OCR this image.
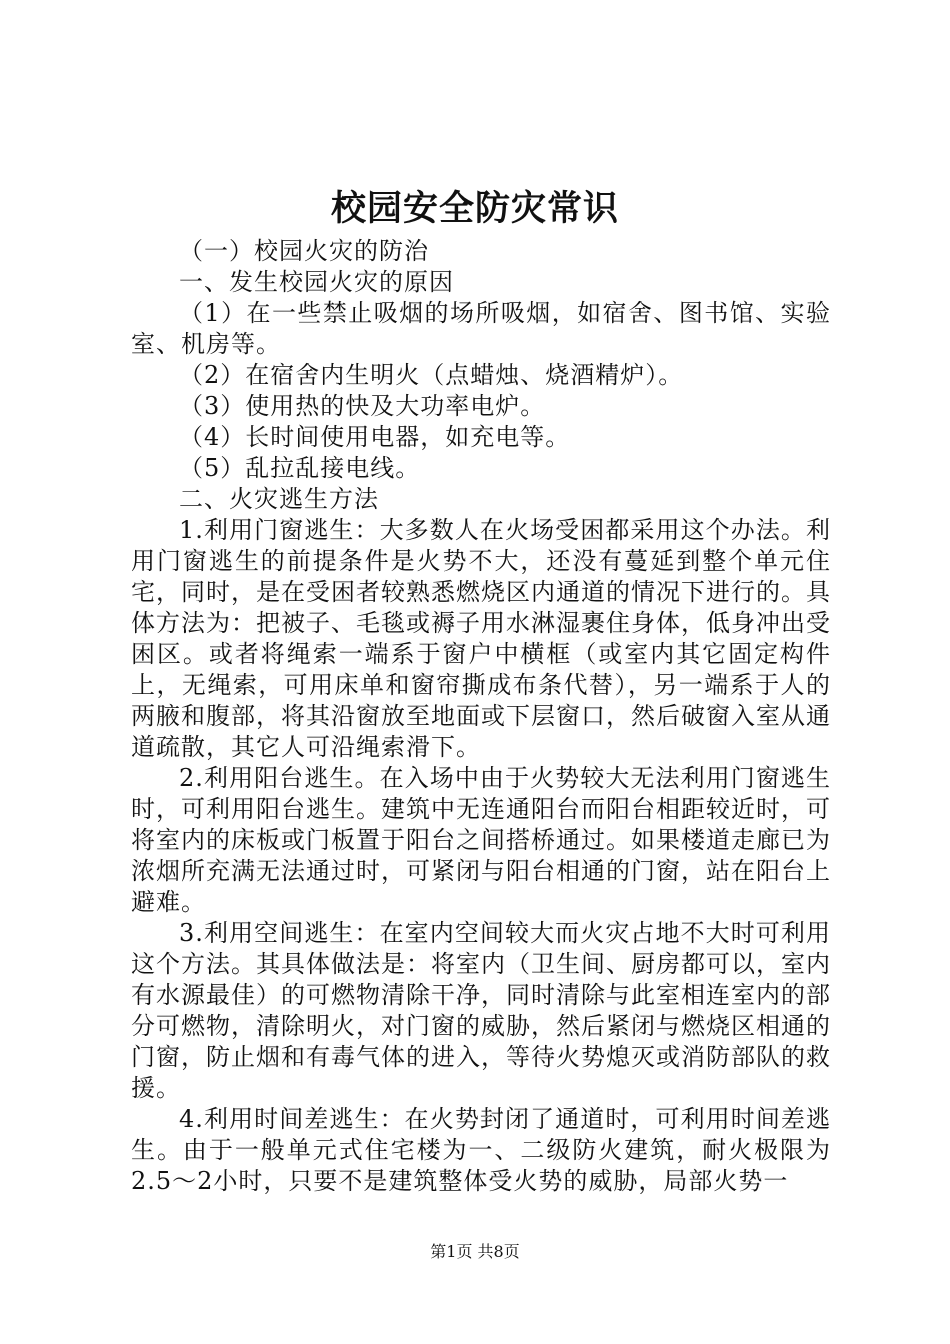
校园安全防灾常识

（一）校园火灾的防治

一、发生校园火灾的原因

（1）在一些禁止吸烟的场所吸烟，如宿舍、图书馆、实验室、机房等。

（2）在宿舍内生明火（点蜡烛、烧酒精炉）。

（3）使用热的快及大功率电炉。

（4）长时间使用电器，如充电等。

（5）乱拉乱接电线。

二、火灾逃生方法

1.利用门窗逃生：大多数人在火场受困都采用这个办法。利用门窗逃生的前提条件是火势不大，还没有蔓延到整个单元住宅，同时，是在受困者较熟悉燃烧区内通道的情况下进行的。具体方法为：把被子、毛毯或褥子用水淋湿裹住身体，低身冲出受困区。或者将绳索一端系于窗户中横框（或室内其它固定构件上，无绳索，可用床单和窗帘撕成布条代替），另一端系于人的两腋和腹部，将其沿窗放至地面或下层窗口，然后破窗入室从通道疏散，其它人可沿绳索滑下。

2.利用阳台逃生。在入场中由于火势较大无法利用门窗逃生时，可利用阳台逃生。建筑中无连通阳台而阳台相距较近时，可将室内的床板或门板置于阳台之间搭桥通过。如果楼道走廊已为浓烟所充满无法通过时，可紧闭与阳台相通的门窗，站在阳台上避难。

3.利用空间逃生：在室内空间较大而火灾占地不大时可利用这个方法。其具体做法是：将室内（卫生间、厨房都可以，室内有水源最佳）的可燃物清除干净，同时清除与此室相连室内的部分可燃物，清除明火，对门窗的威胁，然后紧闭与燃烧区相通的门窗，防止烟和有毒气体的进入，等待火势熄灭或消防部队的救援。

4.利用时间差逃生：在火势封闭了通道时，可利用时间差逃生。由于一般单元式住宅楼为一、二级防火建筑，耐火极限为2.5～2小时，只要不是建筑整体受火势的威胁，局部火势一

第1页 共8页
